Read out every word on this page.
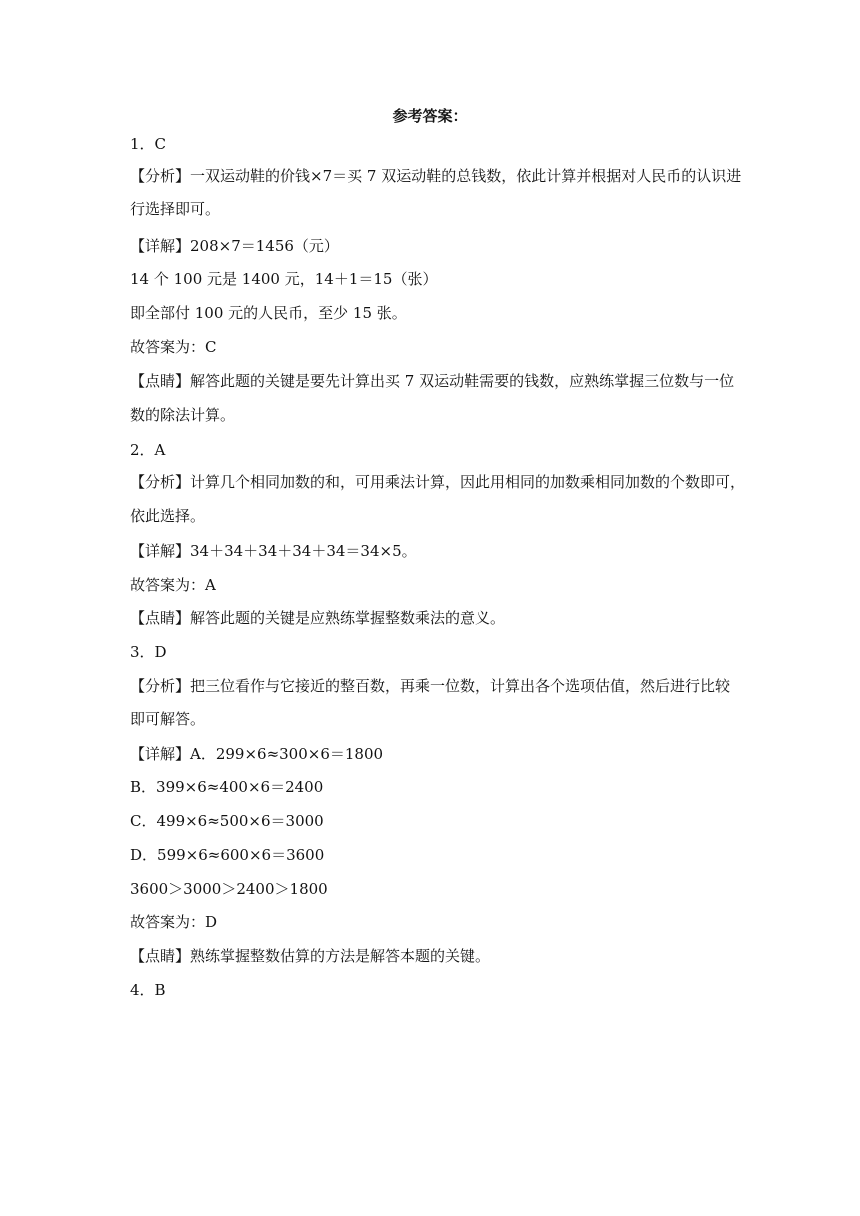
参考答案：
1．C
【分析】一双运动鞋的价钱×7＝买 7 双运动鞋的总钱数，依此计算并根据对人民币的认识进
行选择即可。
【详解】208×7＝1456（元）
14 个 100 元是 1400 元，14＋1＝15（张）
即全部付 100 元的人民币，至少 15 张。
故答案为：C
【点睛】解答此题的关键是要先计算出买 7 双运动鞋需要的钱数，应熟练掌握三位数与一位
数的除法计算。
2．A
【分析】计算几个相同加数的和，可用乘法计算，因此用相同的加数乘相同加数的个数即可，
依此选择。
【详解】34＋34＋34＋34＋34＝34×5。
故答案为：A
【点睛】解答此题的关键是应熟练掌握整数乘法的意义。
3．D
【分析】把三位看作与它接近的整百数，再乘一位数，计算出各个选项估值，然后进行比较
即可解答。
【详解】A．299×6≈300×6＝1800
B．399×6≈400×6＝2400
C．499×6≈500×6＝3000
D．599×6≈600×6＝3600
3600＞3000＞2400＞1800
故答案为：D
【点睛】熟练掌握整数估算的方法是解答本题的关键。
4．B
